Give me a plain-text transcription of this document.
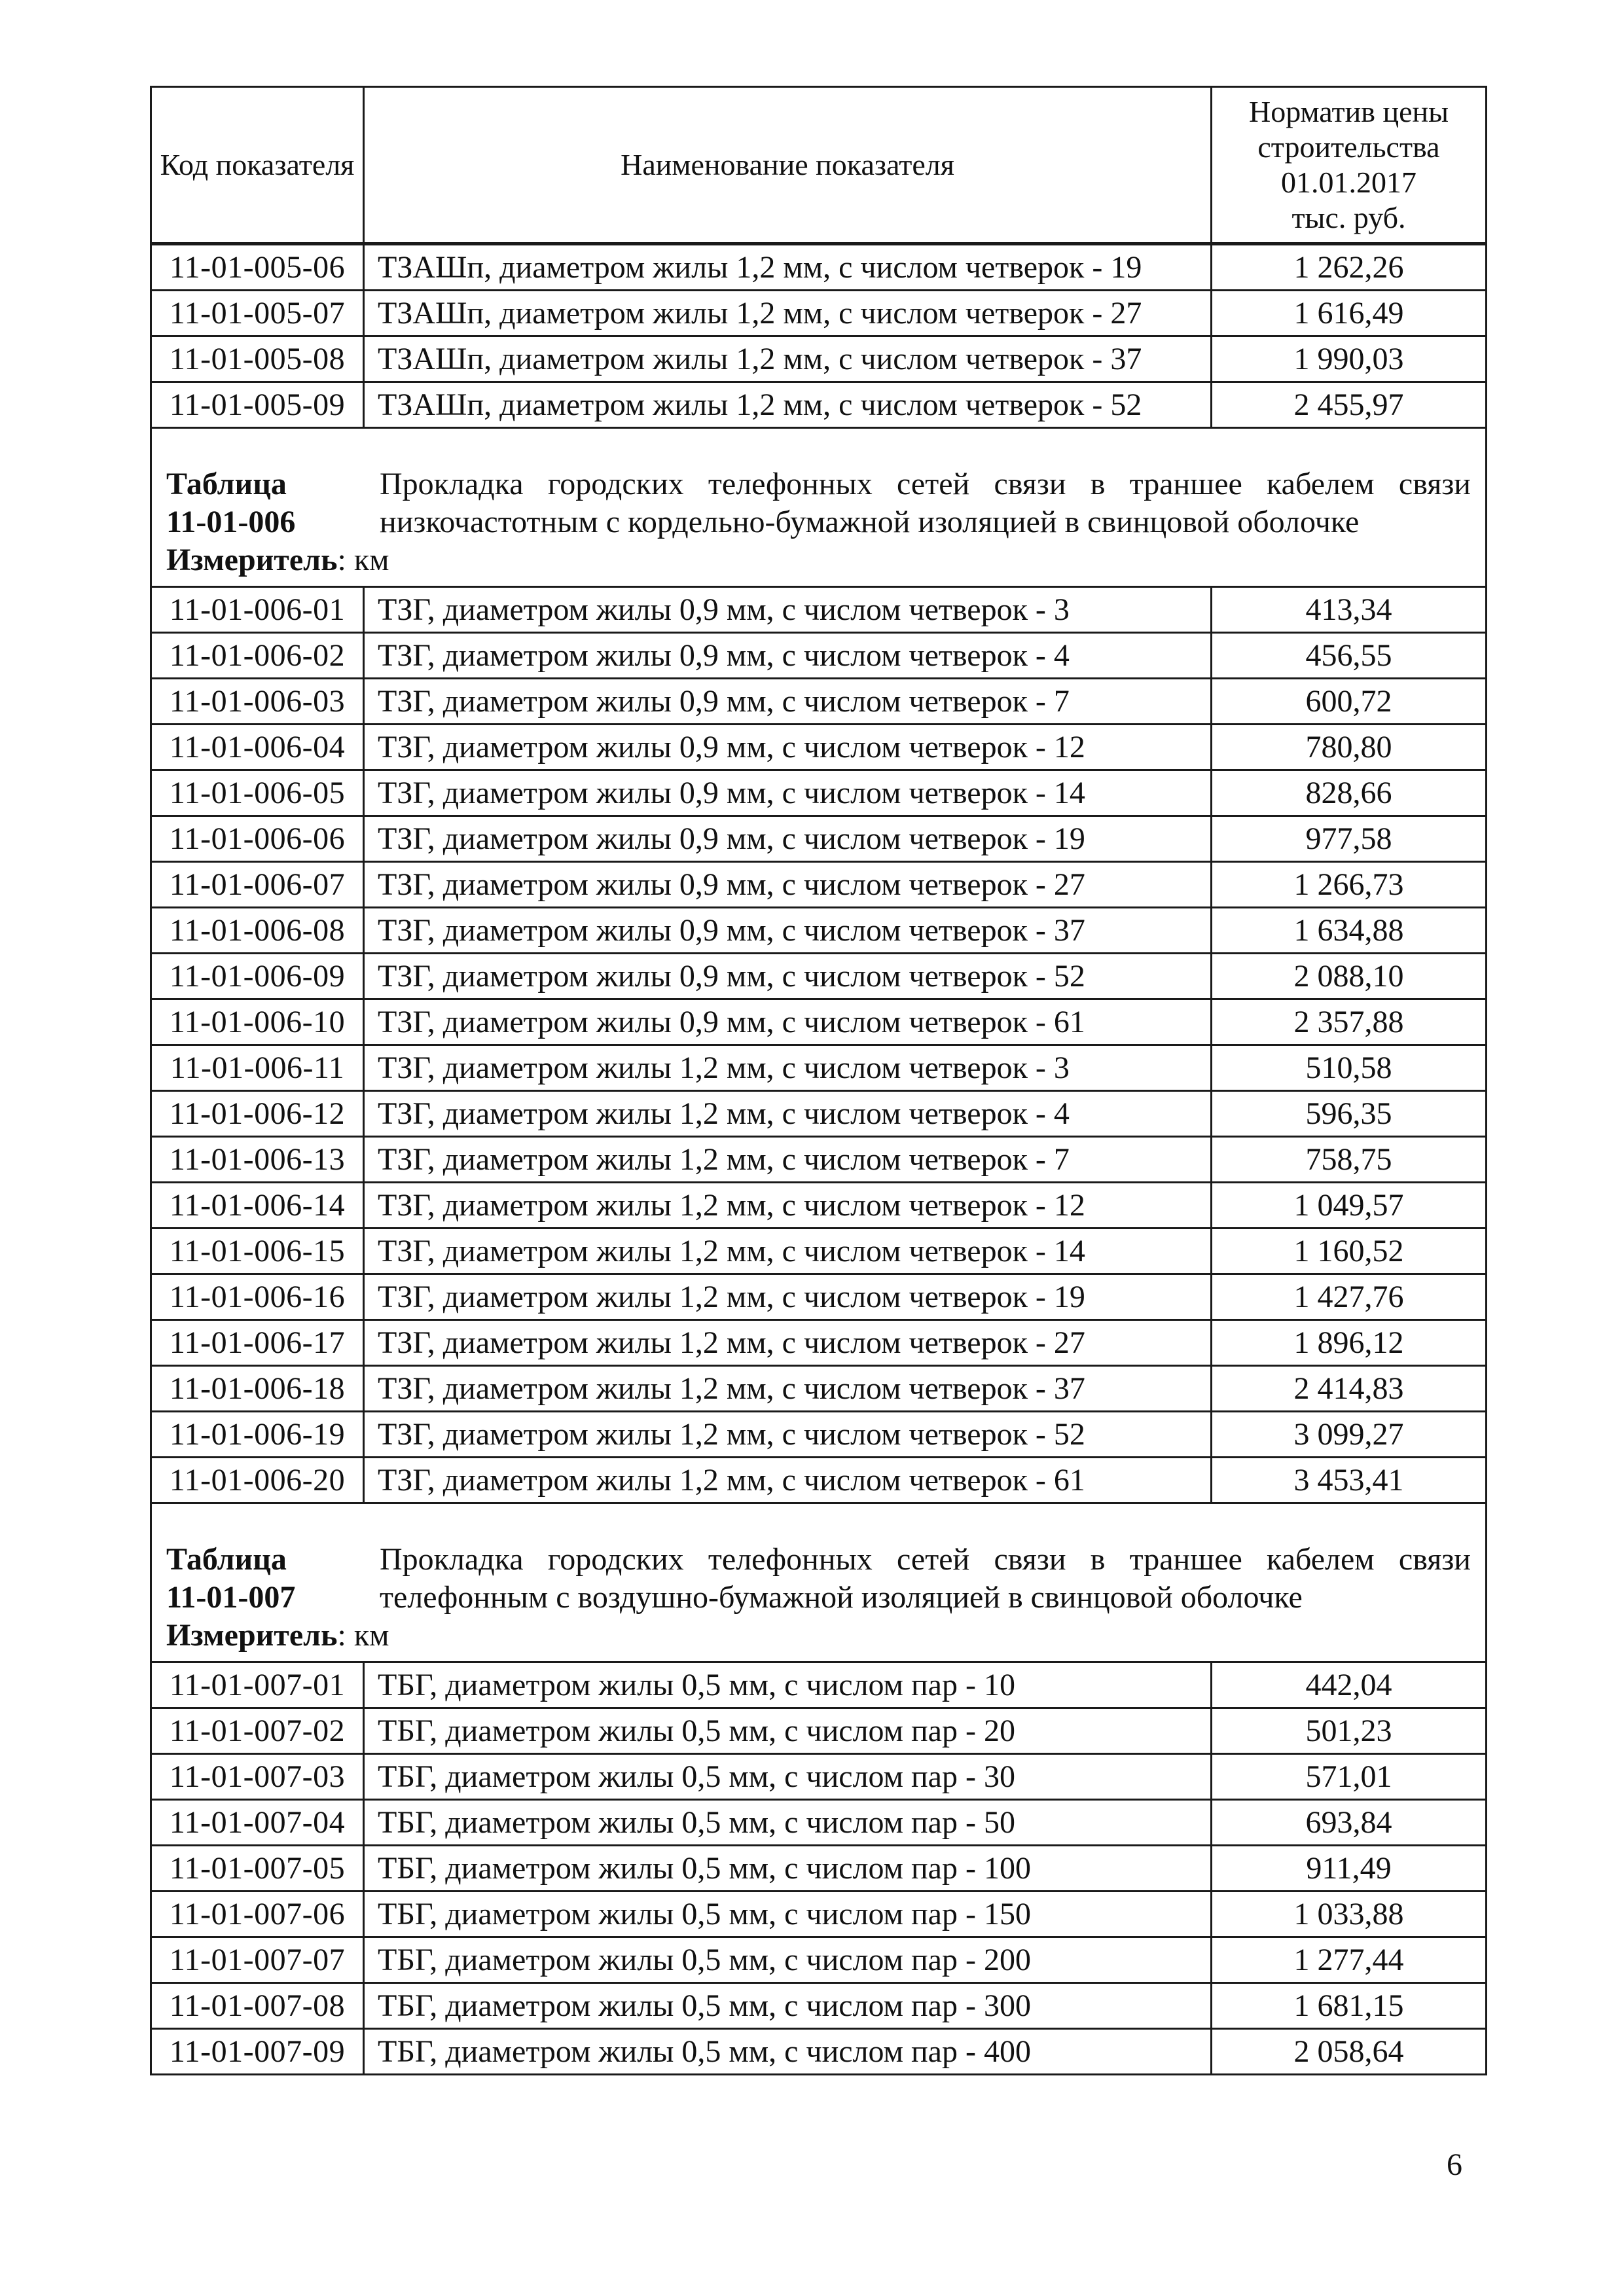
Код показателя	Наименование показателя	Норматив цены
строительства
01.01.2017
тыс. руб.

11-01-005-06	ТЗАШп, диаметром жилы 1,2 мм, с числом четверок - 19	1 262,26
11-01-005-07	ТЗАШп, диаметром жилы 1,2 мм, с числом четверок - 27	1 616,49
11-01-005-08	ТЗАШп, диаметром жилы 1,2 мм, с числом четверок - 37	1 990,03
11-01-005-09	ТЗАШп, диаметром жилы 1,2 мм, с числом четверок - 52	2 455,97

Таблица
11-01-006
Прокладка городских телефонных сетей связи в траншее кабелем связи низкочастотным с кордельно-бумажной изоляцией в свинцовой оболочке
Измеритель: км		

11-01-006-01	ТЗГ, диаметром жилы 0,9 мм, с числом четверок - 3	413,34
11-01-006-02	ТЗГ, диаметром жилы 0,9 мм, с числом четверок - 4	456,55
11-01-006-03	ТЗГ, диаметром жилы 0,9 мм, с числом четверок - 7	600,72
11-01-006-04	ТЗГ, диаметром жилы 0,9 мм, с числом четверок - 12	780,80
11-01-006-05	ТЗГ, диаметром жилы 0,9 мм, с числом четверок - 14	828,66
11-01-006-06	ТЗГ, диаметром жилы 0,9 мм, с числом четверок - 19	977,58
11-01-006-07	ТЗГ, диаметром жилы 0,9 мм, с числом четверок - 27	1 266,73
11-01-006-08	ТЗГ, диаметром жилы 0,9 мм, с числом четверок - 37	1 634,88
11-01-006-09	ТЗГ, диаметром жилы 0,9 мм, с числом четверок - 52	2 088,10
11-01-006-10	ТЗГ, диаметром жилы 0,9 мм, с числом четверок - 61	2 357,88
11-01-006-11	ТЗГ, диаметром жилы 1,2 мм, с числом четверок - 3	510,58
11-01-006-12	ТЗГ, диаметром жилы 1,2 мм, с числом четверок - 4	596,35
11-01-006-13	ТЗГ, диаметром жилы 1,2 мм, с числом четверок - 7	758,75
11-01-006-14	ТЗГ, диаметром жилы 1,2 мм, с числом четверок - 12	1 049,57
11-01-006-15	ТЗГ, диаметром жилы 1,2 мм, с числом четверок - 14	1 160,52
11-01-006-16	ТЗГ, диаметром жилы 1,2 мм, с числом четверок - 19	1 427,76
11-01-006-17	ТЗГ, диаметром жилы 1,2 мм, с числом четверок - 27	1 896,12
11-01-006-18	ТЗГ, диаметром жилы 1,2 мм, с числом четверок - 37	2 414,83
11-01-006-19	ТЗГ, диаметром жилы 1,2 мм, с числом четверок - 52	3 099,27
11-01-006-20	ТЗГ, диаметром жилы 1,2 мм, с числом четверок - 61	3 453,41

Таблица
11-01-007
Прокладка городских телефонных сетей связи в траншее кабелем связи телефонным с воздушно-бумажной изоляцией в свинцовой оболочке
Измеритель: км		

11-01-007-01	ТБГ, диаметром жилы 0,5 мм, с числом пар - 10	442,04
11-01-007-02	ТБГ, диаметром жилы 0,5 мм, с числом пар - 20	501,23
11-01-007-03	ТБГ, диаметром жилы 0,5 мм, с числом пар - 30	571,01
11-01-007-04	ТБГ, диаметром жилы 0,5 мм, с числом пар - 50	693,84
11-01-007-05	ТБГ, диаметром жилы 0,5 мм, с числом пар - 100	911,49
11-01-007-06	ТБГ, диаметром жилы 0,5 мм, с числом пар - 150	1 033,88
11-01-007-07	ТБГ, диаметром жилы 0,5 мм, с числом пар - 200	1 277,44
11-01-007-08	ТБГ, диаметром жилы 0,5 мм, с числом пар - 300	1 681,15
11-01-007-09	ТБГ, диаметром жилы 0,5 мм, с числом пар - 400	2 058,64
6
